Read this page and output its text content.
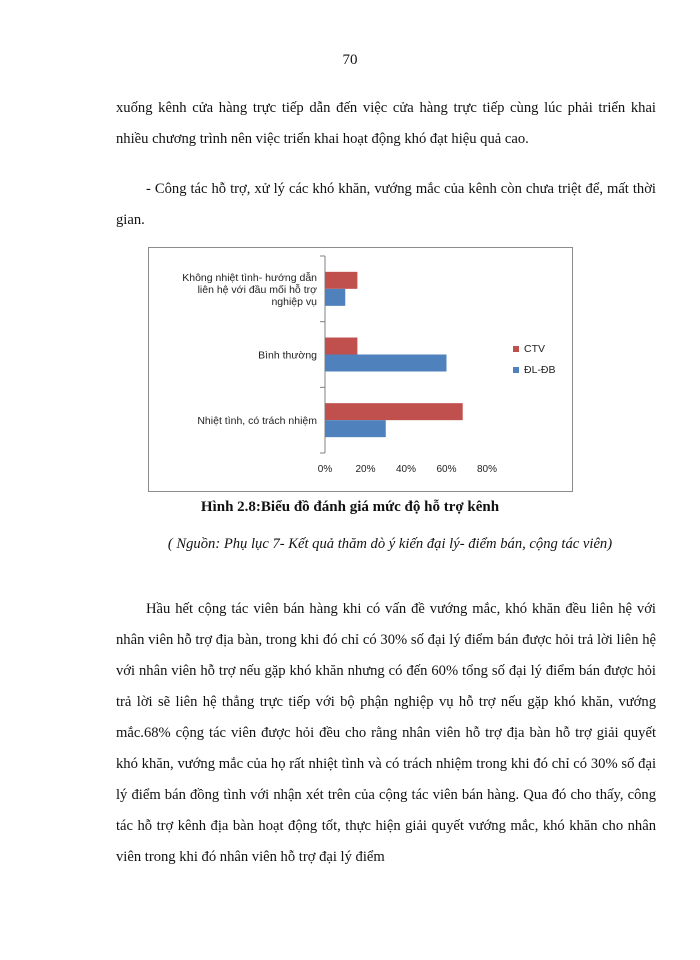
70

xuống kênh cửa hàng trực tiếp dẫn đến việc cửa hàng trực tiếp cùng lúc phải triển khai nhiều chương trình nên việc triển khai hoạt động khó đạt hiệu quả cao.

- Công tác hỗ trợ, xử lý các khó khăn, vướng mắc của kênh còn chưa triệt để, mất thời gian.

Không nhiệt tình- hướng dẫn
liên hệ với đầu mối hỗ trợ
nghiệp vụ
Bình thường
Nhiệt tình, có trách nhiệm
0% 20% 40% 60% 80%
CTV
ĐL-ĐB

Hình 2.8:Biểu đồ đánh giá mức độ hỗ trợ kênh

( Nguồn: Phụ lục 7- Kết quả thăm dò ý kiến đại lý- điểm bán, cộng tác viên)

Hầu hết cộng tác viên bán hàng khi có vấn đề vướng mắc, khó khăn đều liên hệ với nhân viên hỗ trợ địa bàn, trong khi đó chỉ có 30% số đại lý điểm bán được hỏi trả lời liên hệ với nhân viên hỗ trợ nếu gặp khó khăn nhưng có đến 60% tổng số đại lý điểm bán được hỏi trả lời sẽ liên hệ thẳng trực tiếp với bộ phận nghiệp vụ hỗ trợ nếu gặp khó khăn, vướng mắc.68% cộng tác viên được hỏi đều cho rằng nhân viên hỗ trợ địa bàn hỗ trợ giải quyết khó khăn, vướng mắc của họ rất nhiệt tình và có trách nhiệm trong khi đó chỉ có 30% số đại lý điểm bán đồng tình với nhận xét trên của cộng tác viên bán hàng. Qua đó cho thấy, công tác hỗ trợ kênh địa bàn hoạt động tốt, thực hiện giải quyết vướng mắc, khó khăn cho nhân viên trong khi đó nhân viên hỗ trợ đại lý điểm
